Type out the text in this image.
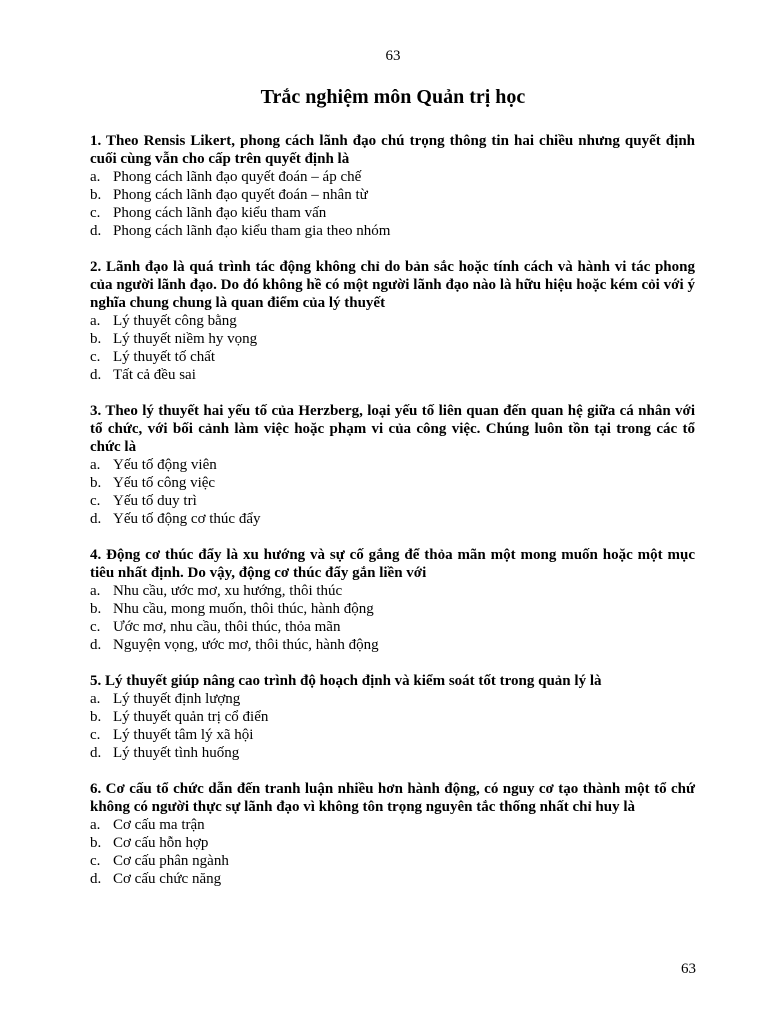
63
Trắc nghiệm môn Quản trị học
1. Theo Rensis Likert, phong cách lãnh đạo chú trọng thông tin hai chiều nhưng quyết định cuối cùng vẫn cho cấp trên quyết định là
a. Phong cách lãnh đạo quyết đoán – áp chế
b. Phong cách lãnh đạo quyết đoán – nhân từ
c. Phong cách lãnh đạo kiểu tham vấn
d. Phong cách lãnh đạo kiểu tham gia theo nhóm
2. Lãnh đạo là quá trình tác động không chỉ do bản sắc hoặc tính cách và hành vi tác phong của người lãnh đạo. Do đó không hề có một người lãnh đạo nào là hữu hiệu hoặc kém cỏi với ý nghĩa chung chung là quan điểm của lý thuyết
a. Lý thuyết công bằng
b. Lý thuyết niềm hy vọng
c. Lý thuyết tố chất
d. Tất cả đều sai
3. Theo lý thuyết hai yếu tố của Herzberg, loại yếu tố liên quan đến quan hệ giữa cá nhân với tổ chức, với bối cảnh làm việc hoặc phạm vi của công việc. Chúng luôn tồn tại trong các tổ chức là
a. Yếu tố động viên
b. Yếu tố công việc
c. Yếu tố duy trì
d. Yếu tố động cơ thúc đẩy
4. Động cơ thúc đẩy là xu hướng và sự cố gắng để thỏa mãn một mong muốn hoặc một mục tiêu nhất định. Do vậy, động cơ thúc đẩy gắn liền với
a. Nhu cầu, ước mơ, xu hướng, thôi thúc
b. Nhu cầu, mong muốn, thôi thúc, hành động
c. Ước mơ, nhu cầu, thôi thúc, thỏa mãn
d. Nguyện vọng, ước mơ, thôi thúc, hành động
5. Lý thuyết giúp nâng cao trình độ hoạch định và kiểm soát tốt trong quản lý là
a. Lý thuyết định lượng
b. Lý thuyết quản trị cổ điển
c. Lý thuyết tâm lý xã hội
d. Lý thuyết tình huống
6. Cơ cấu tổ chức dẫn đến tranh luận nhiều hơn hành động, có nguy cơ tạo thành một tổ chứ không có người thực sự lãnh đạo vì không tôn trọng nguyên tắc thống nhất chỉ huy là
a. Cơ cấu ma trận
b. Cơ cấu hỗn hợp
c. Cơ cấu phân ngành
d. Cơ cấu chức năng
63
